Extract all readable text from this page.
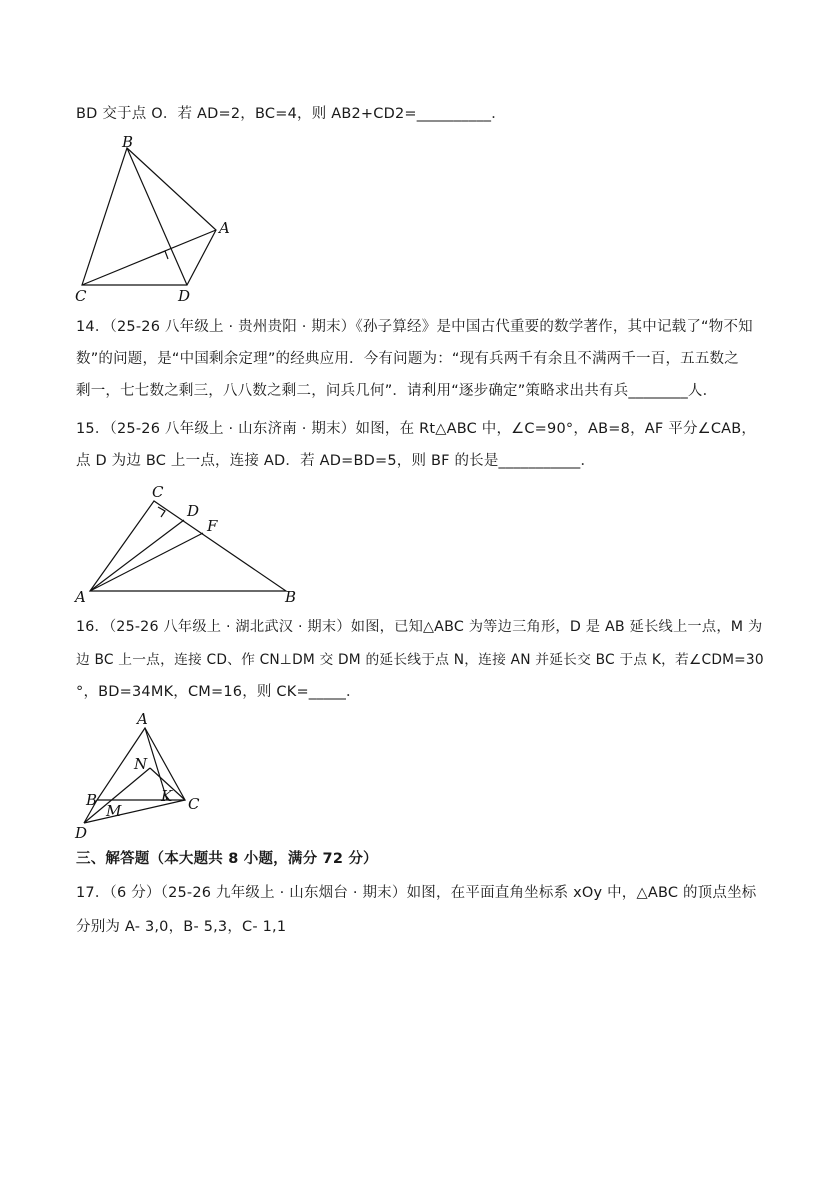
BD 交于点 O．若 AD=2，BC=4，则 AB2+CD2=__________．
B
A
C	D
14．（25-26 八年级上 · 贵州贵阳 · 期末）《孙子算经》是中国古代重要的数学著作，其中记载了“物不知
数”的问题，是“中国剩余定理”的经典应用．今有问题为：“现有兵两千有余且不满两千一百，五五数之
剩一，七七数之剩三，八八数之剩二，问兵几何”．请利用“逐步确定”策略求出共有兵________人．
15．（25-26 八年级上 · 山东济南 · 期末）如图，在 Rt△ABC 中，∠C=90°，AB=8，AF 平分∠CAB，
点 D 为边 BC 上一点，连接 AD．若 AD=BD=5，则 BF 的长是___________．
C
D
F
A	B
16．（25-26 八年级上 · 湖北武汉 · 期末）如图，已知△ABC 为等边三角形，D 是 AB 延长线上一点，M 为
边 BC 上一点，连接 CD、作 CN⊥DM 交 DM 的延长线于点 N，连接 AN 并延长交 BC 于点 K，若∠CDM=30
°，BD=34MK，CM=16，则 CK=_____．
A
N
B
M
K C
D
三、解答题（本大题共 8 小题，满分 72 分）
17．（6 分）（25-26 九年级上 · 山东烟台 · 期末）如图，在平面直角坐标系 xOy 中，△ABC 的顶点坐标
分别为 A- 3,0，B- 5,3，C- 1,1
